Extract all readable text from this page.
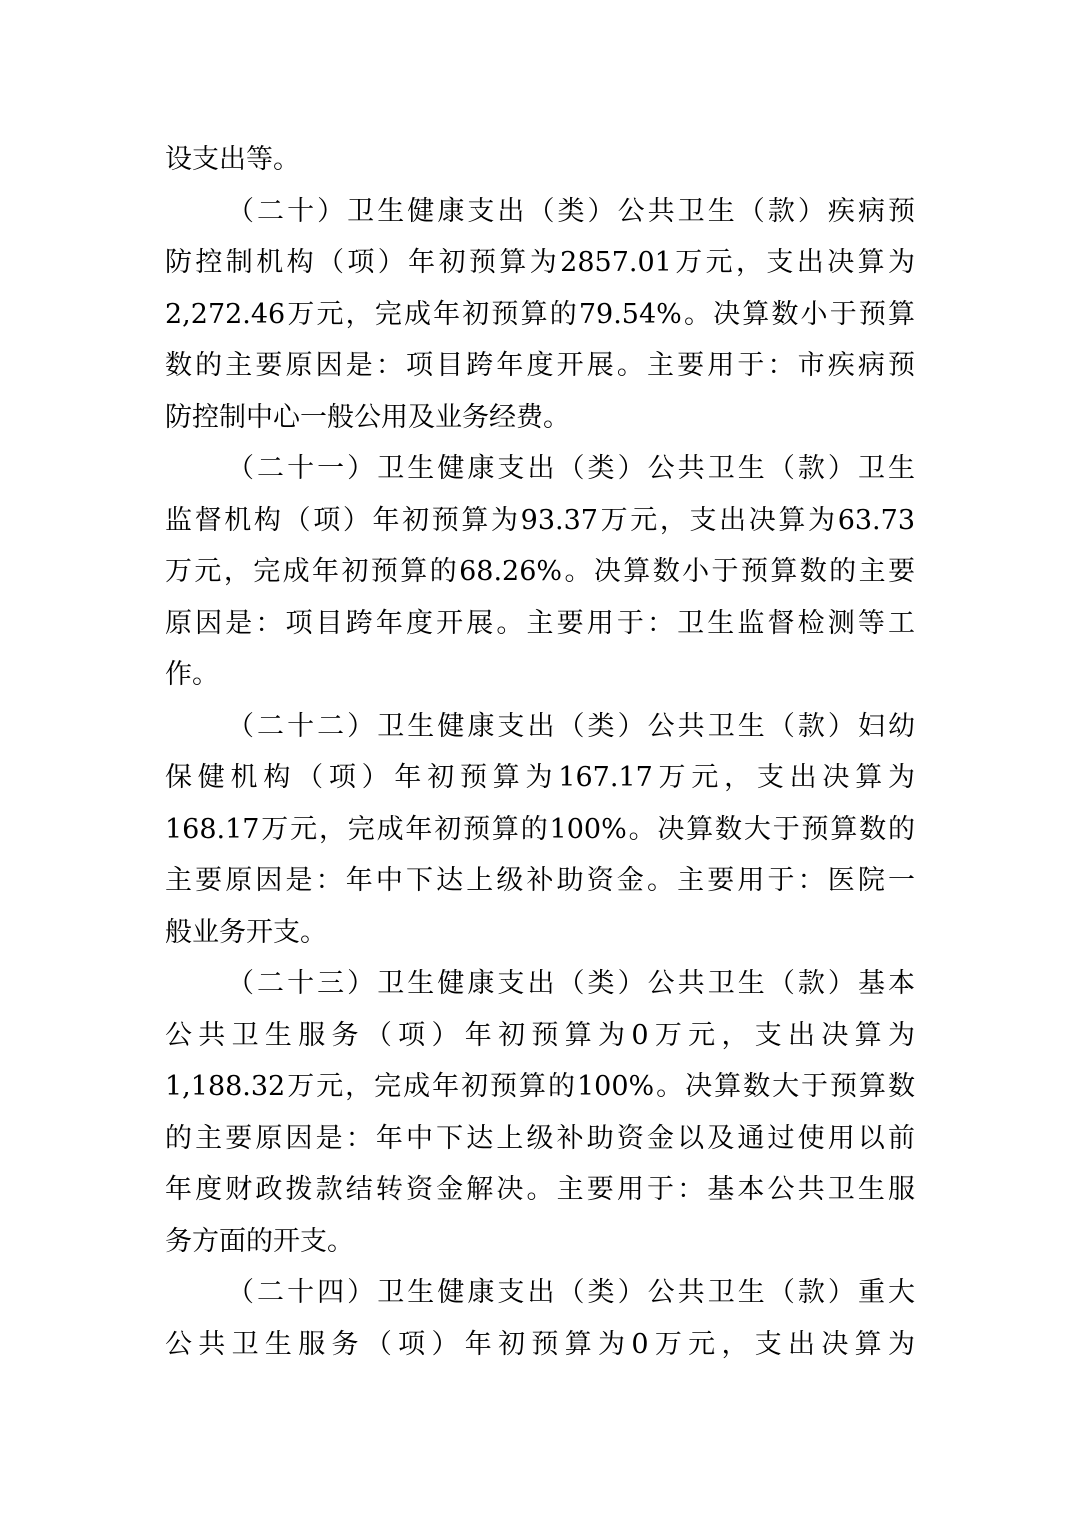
设支出等。
（二十）卫生健康支出（类）公共卫生（款）疾病预
防控制机构（项）年初预算为2857.01万元，支出决算为
2,272.46万元，完成年初预算的79.54%。决算数小于预算
数的主要原因是：项目跨年度开展。主要用于：市疾病预
防控制中心一般公用及业务经费。
（二十一）卫生健康支出（类）公共卫生（款）卫生
监督机构（项）年初预算为93.37万元，支出决算为63.73
万元，完成年初预算的68.26%。决算数小于预算数的主要
原因是：项目跨年度开展。主要用于：卫生监督检测等工
作。
（二十二）卫生健康支出（类）公共卫生（款）妇幼
保健机构（项）年初预算为167.17万元，支出决算为
168.17万元，完成年初预算的100%。决算数大于预算数的
主要原因是：年中下达上级补助资金。主要用于：医院一
般业务开支。
（二十三）卫生健康支出（类）公共卫生（款）基本
公共卫生服务（项）年初预算为0万元，支出决算为
1,188.32万元，完成年初预算的100%。决算数大于预算数
的主要原因是：年中下达上级补助资金以及通过使用以前
年度财政拨款结转资金解决。主要用于：基本公共卫生服
务方面的开支。
（二十四）卫生健康支出（类）公共卫生（款）重大
公共卫生服务（项）年初预算为0万元，支出决算为
